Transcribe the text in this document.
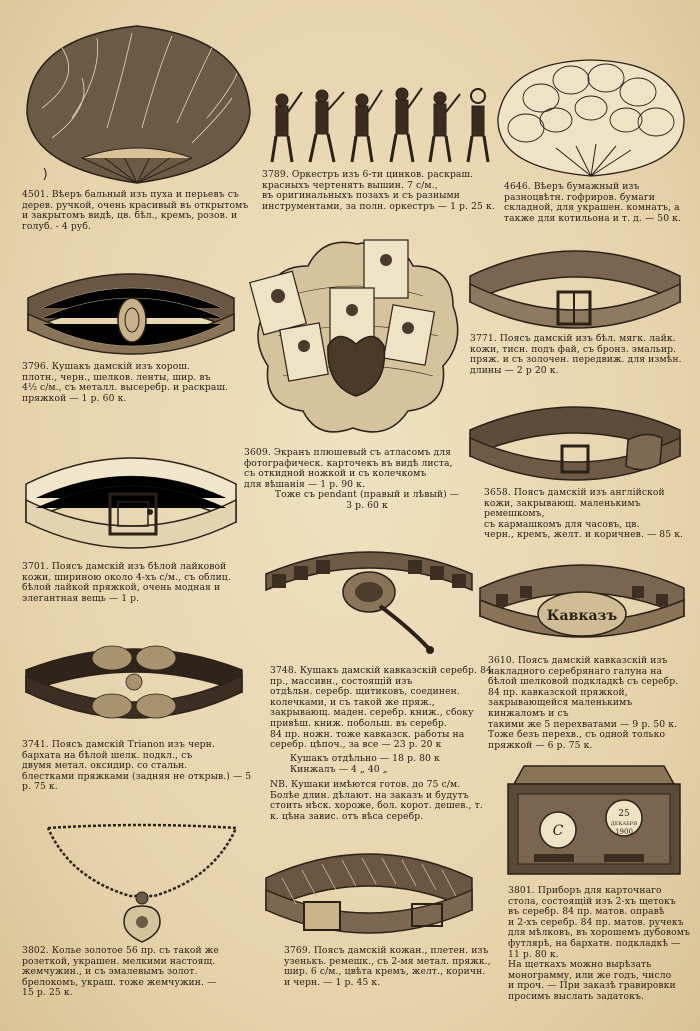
4501. Вѣеръ бальный изъ пуха и перьевъ съ
дерев. ручкой, очень красивый въ открытомъ
и закрытомъ видѣ, цв. бѣл., кремъ, розов. и
голуб. - 4 руб.
3789. Оркестръ изъ 6-ти цинков. раскраш.
красныхъ чертенятъ вышин. 7 с/м.,
въ оригинальныхъ позахъ и съ разными
инструментами, за полн. оркестръ — 1 р. 25 к.
4646. Вѣеръ бумажный изъ разноцвѣтн. гофриров. бумаги складной, для украшен. комнатъ, а также для котильона и т. д. — 50 к.
3796. Кушакъ дамскій изъ хорош.
плотн., черн., шелков. ленты, шир. въ
4½ с/м., съ металл. высеребр. и раскраш. пряжкой — 1 р. 60 к.
3609. Экранъ плюшевый съ атласомъ для
фотографическ. карточекъ въ видѣ листа,
съ откидной ножкой и съ колечкомъ
для вѣшанія — 1 р. 90 к.
Тоже съ pendant (правый и лѣвый) —
3 р. 60 к
3771. Поясъ дамскій изъ бѣл. мягк. лайк.
кожи, тисн. подъ фай, съ бронз. эмальир.
пряж. и съ золочен. передвиж. для измѣн.
длины — 2 р 20 к.
3658. Поясъ дамскій изъ англійской
кожи, закрывающ. маленькимъ ремешкомъ,
съ кармашкомъ для часовъ, цв.
черн., кремъ, желт. и коричнев. — 85 к.
3701. Поясъ дамскій изъ бѣлой лайковой кожи, шириною около 4-хъ с/м., съ облиц. бѣлой лайкой пряжкой, очень модная и элегантная вещь — 1 р.
3748. Кушакъ дамскій кавказскій серебр. 84 пр., массивн., состоящій изъ
отдѣльн. серебр. щитиковъ, соединен.
колечками, и съ такой же пряж., закрывающ. маден. серебр. книж., сбоку
привѣш. книж. побольш. въ серебр.
84 пр. ножн. тоже кавказск. работы на
серебр. цѣпоч., за все — 23 р. 20 к
Кушакъ отдѣльно — 18 р. 80 к
Кинжалъ — 4 „ 40 „
NB. Кушаки имѣются готов. до 75 с/м.
Болѣе длин. дѣлают. на заказъ и будутъ стоить нѣск. хороже, бол. корот. дешев., т. к. цѣна завис. отъ вѣса серебр.
Кавказъ
3610. Поясъ дамскій кавказскій изъ
накладного серебрянаго галуна на
бѣлой шелковой подкладкѣ съ серебр.
84 пр. кавказской пряжкой, закрывающейся маленькимъ кинжаломъ и съ
такими же 5 перехватами — 9 р. 50 к.
Тоже безъ перехв., съ одной только
пряжкой — 6 р. 75 к.
3741. Поясъ дамскій Trianon изъ черн.
бархата на бѣлой шелк. подкл., съ
двумя метал. оксидир. со стальн.
блестками пряжками (задняя не открыв.) — 5 р. 75 к.
3802. Колье золотое 56 пр. съ такой же
розеткой, украшен. мелкими настоящ.
жемчужин., и съ эмалевымъ золот.
брелокомъ, украш. тоже жемчужин. —
15 р. 25 к.
3769. Поясъ дамскій кожан., плетен. изъ
узенькъ. ремешк., съ 2-мя метал. пряжк.,
шир. 6 с/м., цвѣта кремъ, желт., коричн.
и черн. — 1 р. 45 к.
25
ДЕКАБРЯ
1900
С
3801. Приборъ для карточнаго
стола, состоящій изъ 2-хъ щетокъ
въ серебр. 84 пр. матов. оправѣ
и 2-хъ серебр. 84 пр. матов. ручекъ
для мѣлковъ, въ хорошемъ дубовомъ
футлярѣ, на бархатн. подкладкѣ — 11 р. 80 к.
На щеткахъ можно вырѣзать
монограмму, или же годъ, число
и проч. — При заказѣ гравировки
просимъ выслать задатокъ.
